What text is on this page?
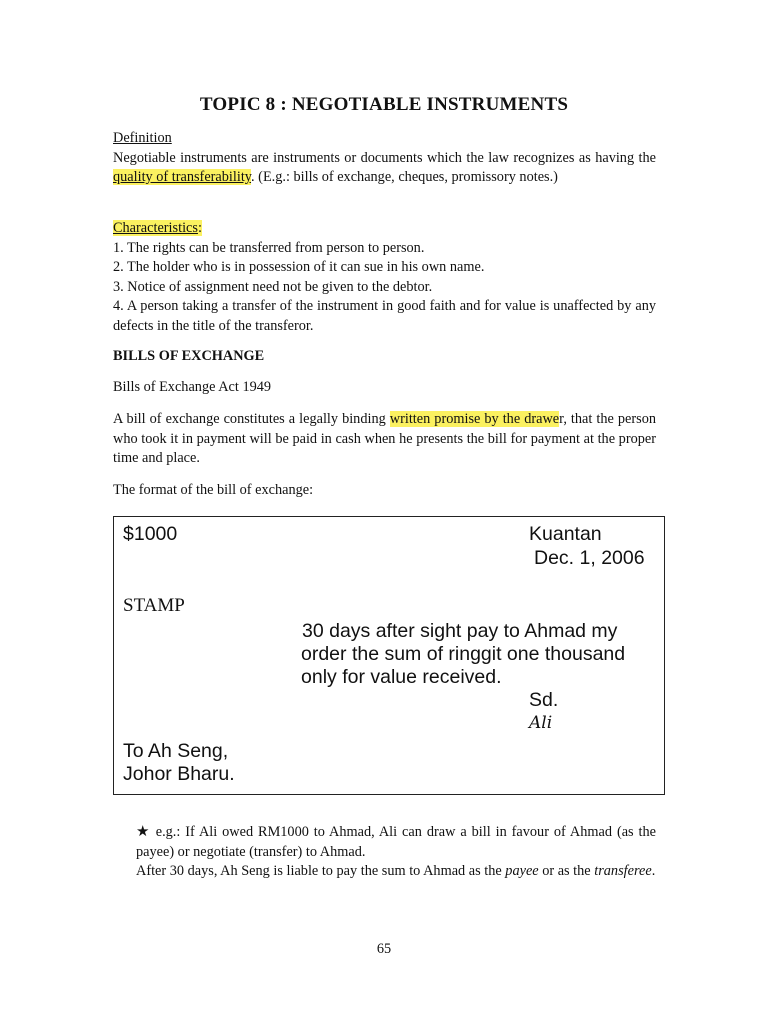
TOPIC 8 : NEGOTIABLE INSTRUMENTS

Definition

Negotiable instruments are instruments or documents which the law recognizes as having the quality of transferability. (E.g.: bills of exchange, cheques, promissory notes.)

Characteristics:

1. The rights can be transferred from person to person.

2. The holder who is in possession of it can sue in his own name.

3. Notice of assignment need not be given to the debtor.

4. A person taking a transfer of the instrument in good faith and for value is unaffected by any defects in the title of the transferor.

BILLS OF EXCHANGE
Bills of Exchange Act 1949
A bill of exchange constitutes a legally binding written promise by the drawer, that the person who took it in payment will be paid in cash when he presents the bill for payment at the proper time and place.
The format of the bill of exchange:
$1000	Kuantan
Dec. 1, 2006
STAMP
30 days after sight pay to Ahmad my
order the sum of ringgit one thousand
only for value received.
Sd.
Ali
To Ah Seng,
Johor Bharu.

★ e.g.: If Ali owed RM1000 to Ahmad, Ali can draw a bill in favour of Ahmad (as the payee) or negotiate (transfer) to Ahmad.

After 30 days, Ah Seng is liable to pay the sum to Ahmad as the payee or as the transferee.

65
